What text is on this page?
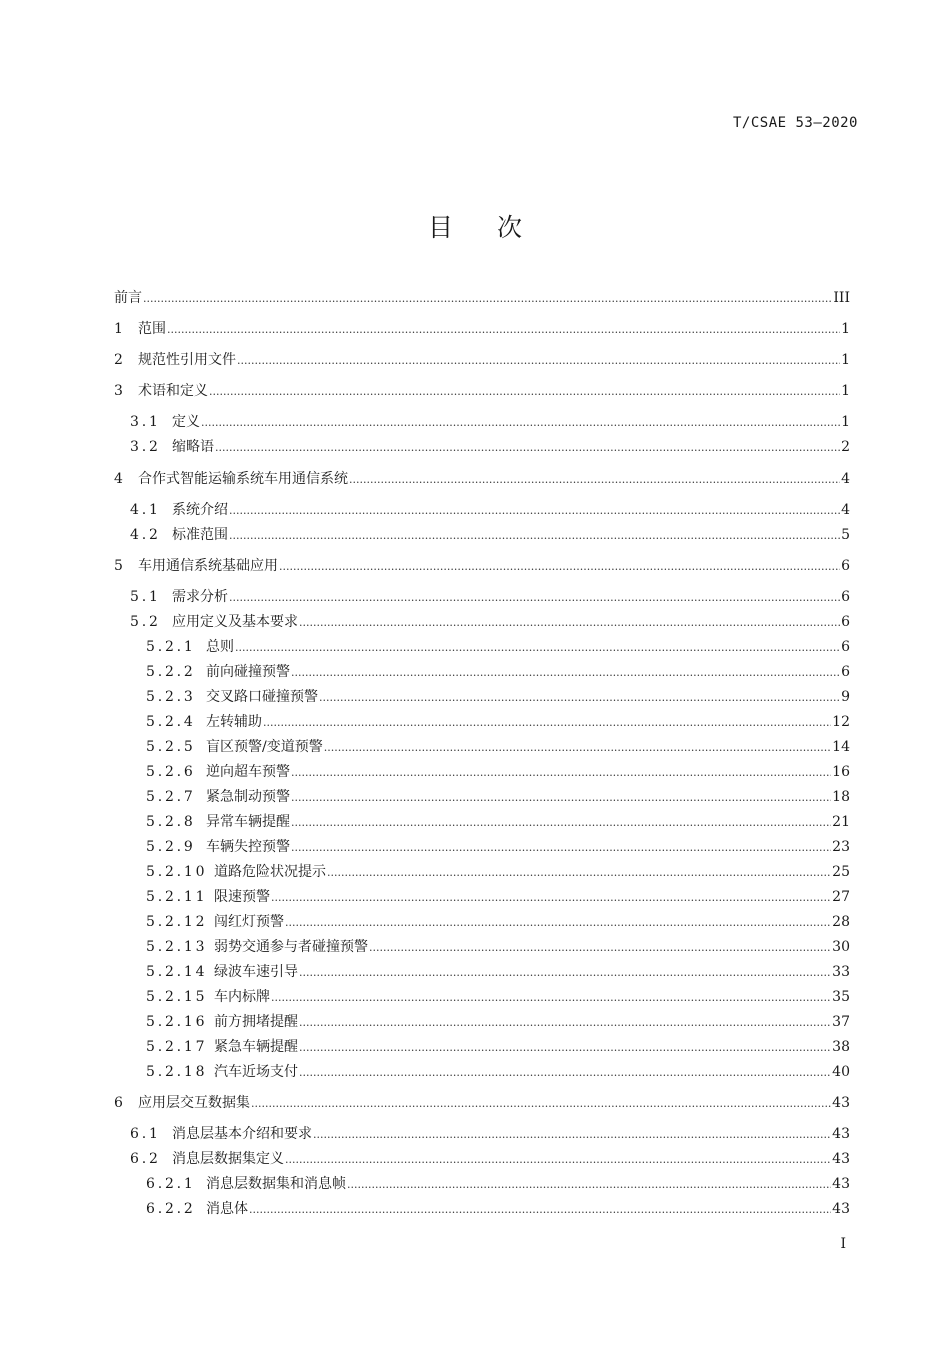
T/CSAE 53—2020
目次
前言 .....	III
1 范围 .....	1
2 规范性引用文件 .....	1
3 术语和定义 .....	1
3 . 1 定义 .....	1
3 . 2 缩略语 .....	2
4 合作式智能运输系统车用通信系统 .....	4
4 . 1 系统介绍 .....	4
4 . 2 标准范围 .....	5
5 车用通信系统基础应用 .....	6
5 . 1 需求分析 .....	6
5 . 2 应用定义及基本要求 .....	6
5 . 2 . 1 总则 .....	6
5 . 2 . 2 前向碰撞预警 .....	6
5 . 2 . 3 交叉路口碰撞预警 .....	9
5 . 2 . 4 左转辅助 .....	12
5 . 2 . 5 盲区预警/变道预警 .....	14
5 . 2 . 6 逆向超车预警 .....	16
5 . 2 . 7 紧急制动预警 .....	18
5 . 2 . 8 异常车辆提醒 .....	21
5 . 2 . 9 车辆失控预警 .....	23
5 . 2 . 1 0 道路危险状况提示 .....	25
5 . 2 . 1 1 限速预警 .....	27
5 . 2 . 1 2 闯红灯预警 .....	28
5 . 2 . 1 3 弱势交通参与者碰撞预警 .....	30
5 . 2 . 1 4 绿波车速引导 .....	33
5 . 2 . 1 5 车内标牌 .....	35
5 . 2 . 1 6 前方拥堵提醒 .....	37
5 . 2 . 1 7 紧急车辆提醒 .....	38
5 . 2 . 1 8 汽车近场支付 .....	40
6 应用层交互数据集 .....	43
6 . 1 消息层基本介绍和要求 .....	43
6 . 2 消息层数据集定义 .....	43
6 . 2 . 1 消息层数据集和消息帧 .....	43
6 . 2 . 2 消息体 .....	43
I
